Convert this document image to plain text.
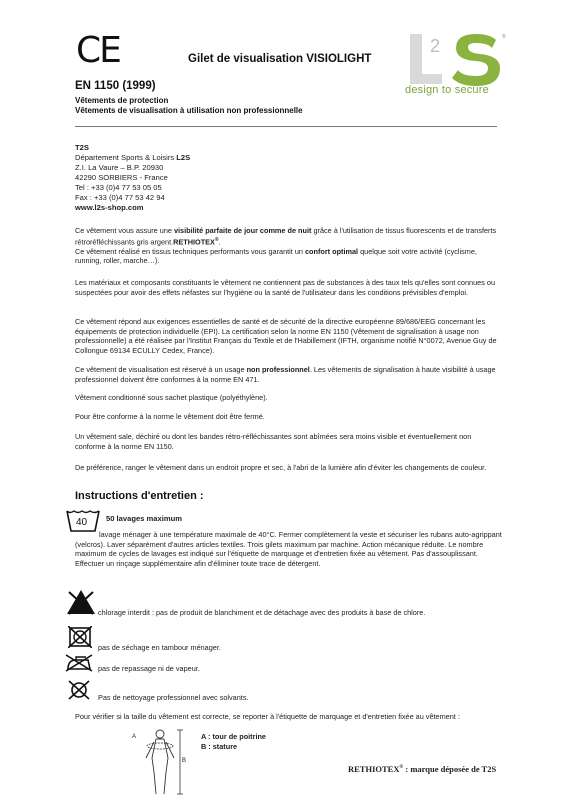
CE	Gilet de visualisation VISIOLIGHT
2	®
design to secure
EN 1150 (1999)
Vêtements de protection
Vêtements de visualisation à utilisation non professionnelle
T2S
Département Sports & Loisirs L2S
Z.I. La Vaure – B.P. 20930
42290 SORBIERS - France
Tel : +33 (0)4 77 53 05 05
Fax : +33 (0)4 77 53 42 94
www.l2s-shop.com

Ce vêtement vous assure une visibilité parfaite de jour comme de nuit grâce à l'utilisation de tissus fluorescents et de transferts rétroréfléchissants gris argent.RETHIOTEX®.

Ce vêtement réalisé en tissus techniques performants vous garantit un confort optimal quelque soit votre activité (cyclisme, running, roller, marche…).

Les matériaux et composants constituants le vêtement ne contiennent pas de substances à des taux tels qu'elles sont connues ou suspectées pour avoir des effets néfastes sur l'hygiène ou la santé de l'utilisateur dans les conditions prévisibles d'emploi.

Ce vêtement répond aux exigences essentielles de santé et de sécurité de la directive européenne 89/686/EEG concernant les équipements de protection individuelle (EPI). La certification selon la norme EN 1150 (Vêtement de signalisation à usage non professionnelle) a été réalisée par l'Institut Français du Textile et de l'Habillement (IFTH, organisme notifié N°0072, Avenue Guy de Collongue 69134 ECULLY Cedex, France).

Ce vêtement de visualisation est réservé à un usage non professionnel. Les vêtements de signalisation à haute visibilité à usage professionnel doivent être conformes à la norme EN 471.

Vêtement conditionné sous sachet plastique (polyéthylène).

Pour être conforme à la norme le vêtement doit être fermé.

Un vêtement sale, déchiré ou dont les bandes rétro-réfléchissantes sont abîmées sera moins visible et éventuellement non conforme à la norme EN 1150.

De préférence, ranger le vêtement dans un endroit propre et sec, à l'abri de la lumière afin d'éviter les changements de couleur.

Instructions d'entretien :
40 50 lavages maximum

lavage ménager à une température maximale de 40°C. Fermer complètement la veste et sécuriser les rubans auto-agrippant (velcros). Laver séparément d'autres articles textiles. Trois gilets maximum par machine. Action mécanique réduite. Le nombre maximum de cycles de lavages est indiqué sur l'étiquette de marquage et d'entretien fixée au vêtement. Pas d'assouplissant. Effectuer un rinçage supplémentaire afin d'éliminer toute trace de détergent.

chlorage interdit : pas de produit de blanchiment et de détachage avec des produits à base de chlore.
pas de séchage en tambour ménager.
pas de repassage ni de vapeur.
Pas de nettoyage professionnel avec solvants.

Pour vérifier si la taille du vêtement est correcte, se reporter à l'étiquette de marquage et d'entretien fixée au vêtement :

A
B
A : tour de poitrine
B : stature
RETHIOTEX® : marque déposée de T2S
